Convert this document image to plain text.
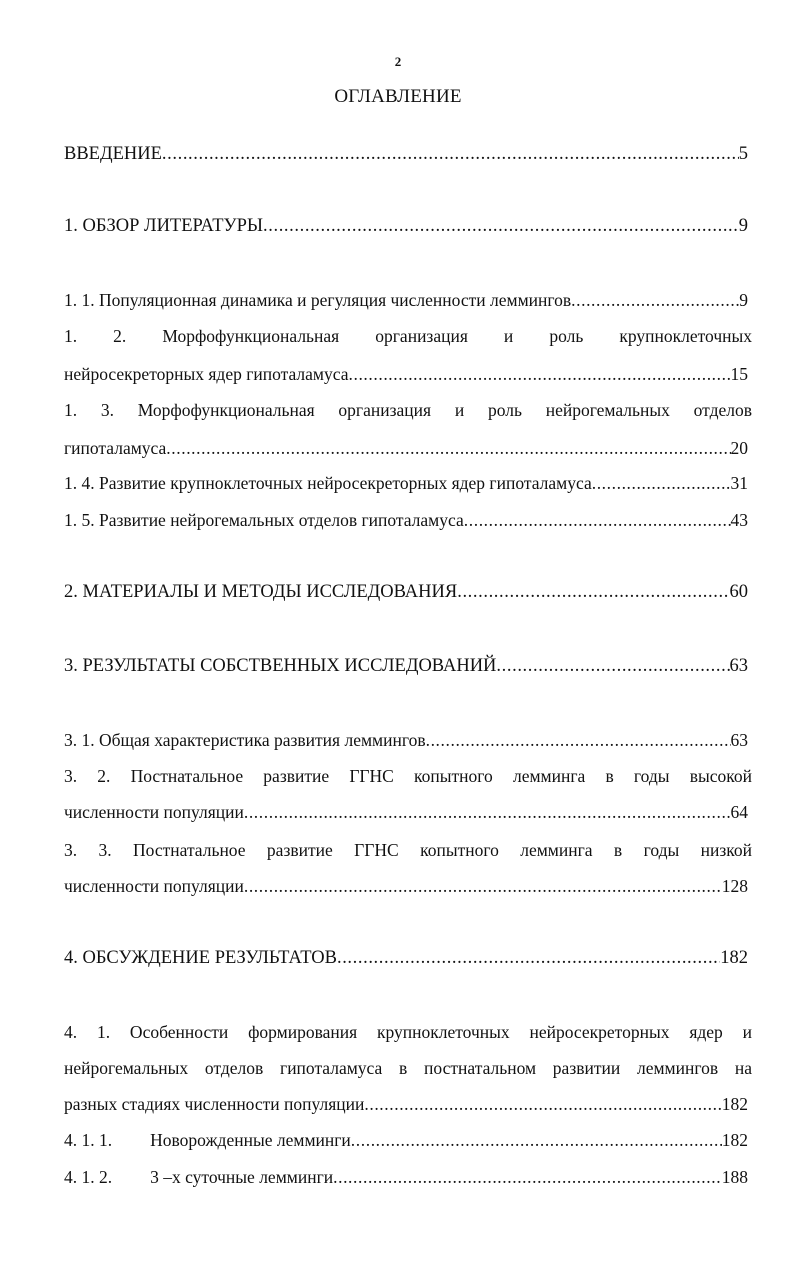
2
ОГЛАВЛЕНИЕ
ВВЕДЕНИЕ .....	5
1. ОБЗОР ЛИТЕРАТУРЫ .....	9
1. 1. Популяционная динамика и регуляция численности леммингов .....	9
1. 2. Морфофункциональная организация и роль крупноклеточных
нейросекреторных ядер гипоталамуса .....	15
1. 3. Морфофункциональная организация и роль нейрогемальных отделов
гипоталамуса .....	20
1. 4. Развитие крупноклеточных нейросекреторных ядер гипоталамуса .....	31
1. 5. Развитие нейрогемальных отделов гипоталамуса .....	43
2. МАТЕРИАЛЫ И МЕТОДЫ ИССЛЕДОВАНИЯ .....	60
3. РЕЗУЛЬТАТЫ СОБСТВЕННЫХ ИССЛЕДОВАНИЙ .....	63
3. 1. Общая характеристика развития леммингов .....	63
3. 2. Постнатальное развитие ГГНС копытного лемминга в годы высокой
численности популяции .....	64
3. 3. Постнатальное развитие ГГНС копытного лемминга в годы низкой
численности популяции .....	128
4. ОБСУЖДЕНИЕ РЕЗУЛЬТАТОВ .....	182
4. 1. Особенности формирования крупноклеточных нейросекреторных ядер и
нейрогемальных отделов гипоталамуса в постнатальном развитии леммингов на
разных стадиях численности популяции .....	182
4. 1. 1.	Новорожденные лемминги .....	182
4. 1. 2.	3 –х суточные лемминги .....	188
